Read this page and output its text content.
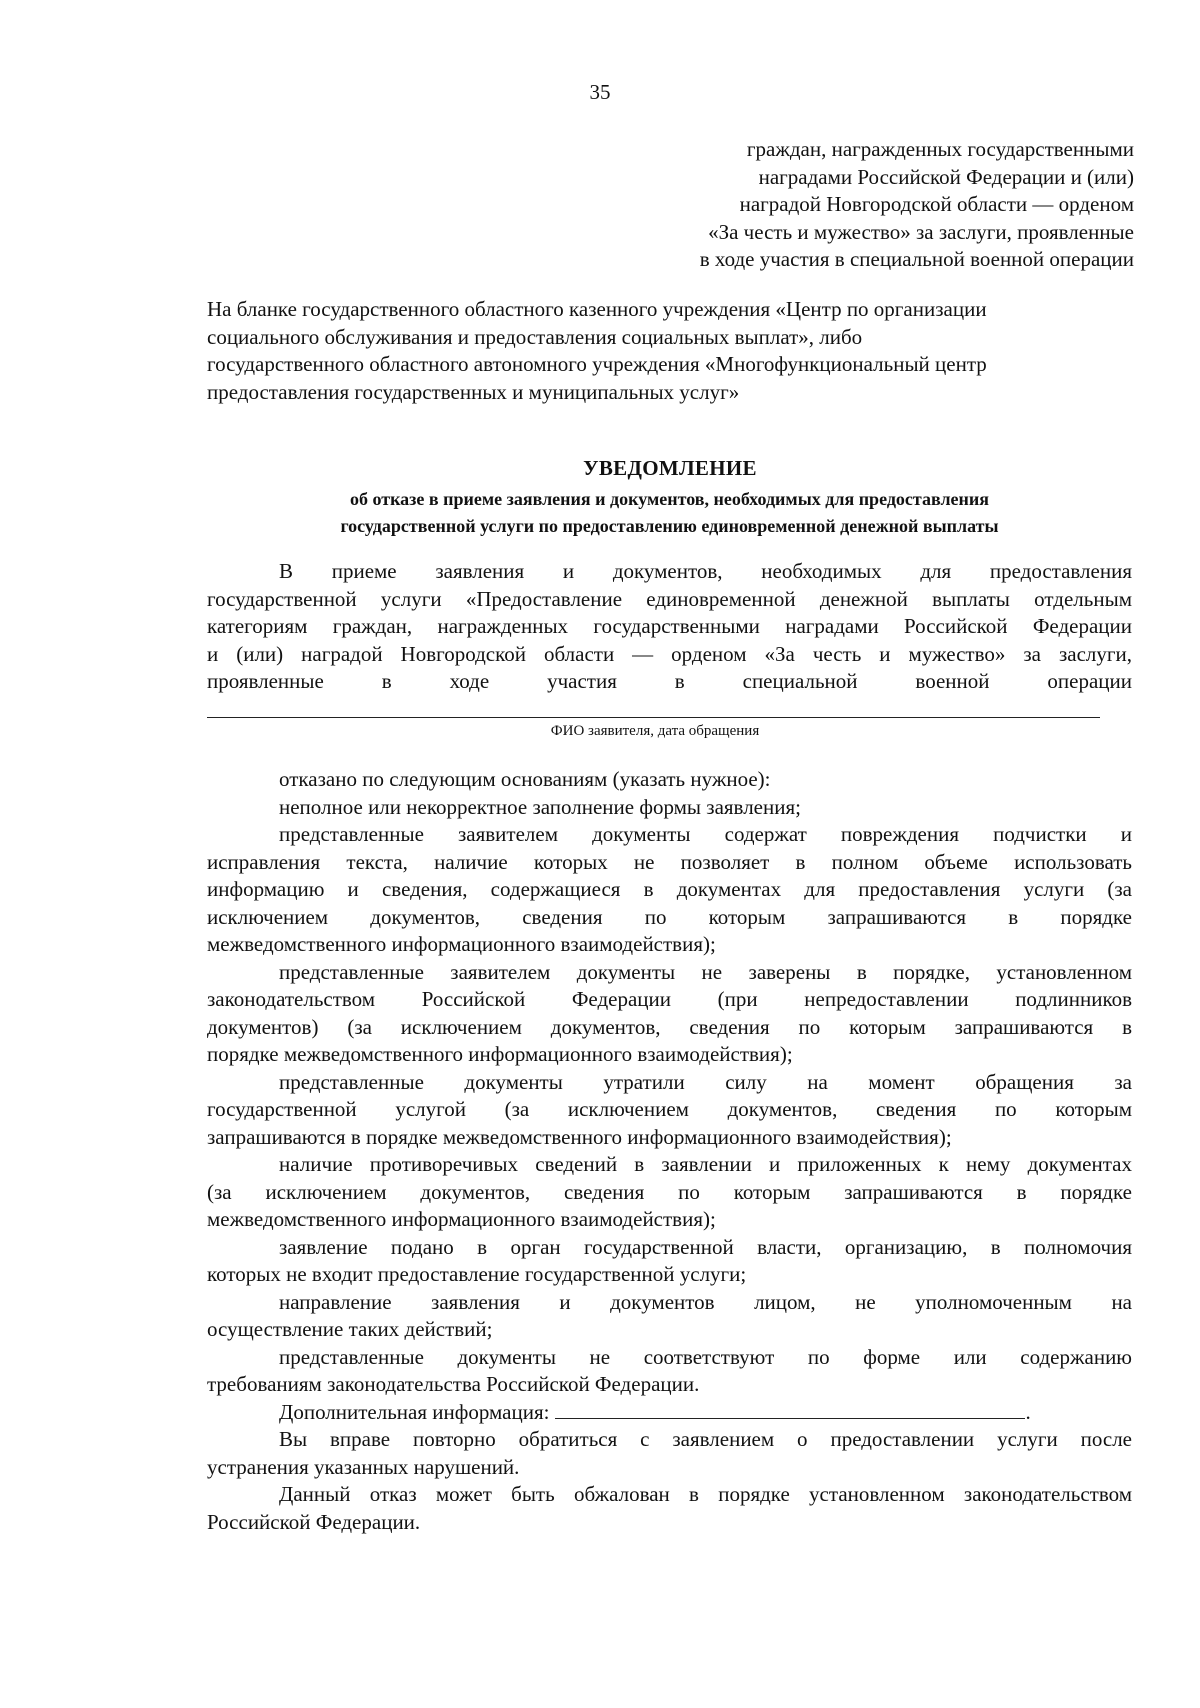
35
граждан, награжденных государственными
наградами Российской Федерации и (или)
наградой Новгородской области — орденом
«За честь и мужество» за заслуги, проявленные
в ходе участия в специальной военной операции
На бланке государственного областного казенного учреждения «Центр по организации
социального обслуживания и предоставления социальных выплат», либо
государственного областного автономного учреждения «Многофункциональный центр
предоставления государственных и муниципальных услуг»
УВЕДОМЛЕНИЕ
об отказе в приеме заявления и документов, необходимых для предоставления
государственной услуги по предоставлению единовременной денежной выплаты
В приеме заявления и документов, необходимых для предоставления
государственной услуги «Предоставление единовременной денежной выплаты отдельным
категориям граждан, награжденных государственными наградами Российской Федерации
и (или) наградой Новгородской области — орденом «За честь и мужество» за заслуги,
проявленные в ходе участия в специальной военной операции
ФИО заявителя, дата обращения
отказано по следующим основаниям (указать нужное):
неполное или некорректное заполнение формы заявления;
представленные заявителем документы содержат повреждения подчистки и
исправления текста, наличие которых не позволяет в полном объеме использовать
информацию и сведения, содержащиеся в документах для предоставления услуги (за
исключением документов, сведения по которым запрашиваются в порядке
межведомственного информационного взаимодействия);
представленные заявителем документы не заверены в порядке, установленном
законодательством Российской Федерации (при непредоставлении подлинников
документов) (за исключением документов, сведения по которым запрашиваются в
порядке межведомственного информационного взаимодействия);
представленные документы утратили силу на момент обращения за
государственной услугой (за исключением документов, сведения по которым
запрашиваются в порядке межведомственного информационного взаимодействия);
наличие противоречивых сведений в заявлении и приложенных к нему документах
(за исключением документов, сведения по которым запрашиваются в порядке
межведомственного информационного взаимодействия);
заявление подано в орган государственной власти, организацию, в полномочия
которых не входит предоставление государственной услуги;
направление заявления и документов лицом, не уполномоченным на
осуществление таких действий;
представленные документы не соответствуют по форме или содержанию
требованиям законодательства Российской Федерации.
Дополнительная информация:	.
Вы вправе повторно обратиться с заявлением о предоставлении услуги после
устранения указанных нарушений.
Данный отказ может быть обжалован в порядке установленном законодательством
Российской Федерации.
